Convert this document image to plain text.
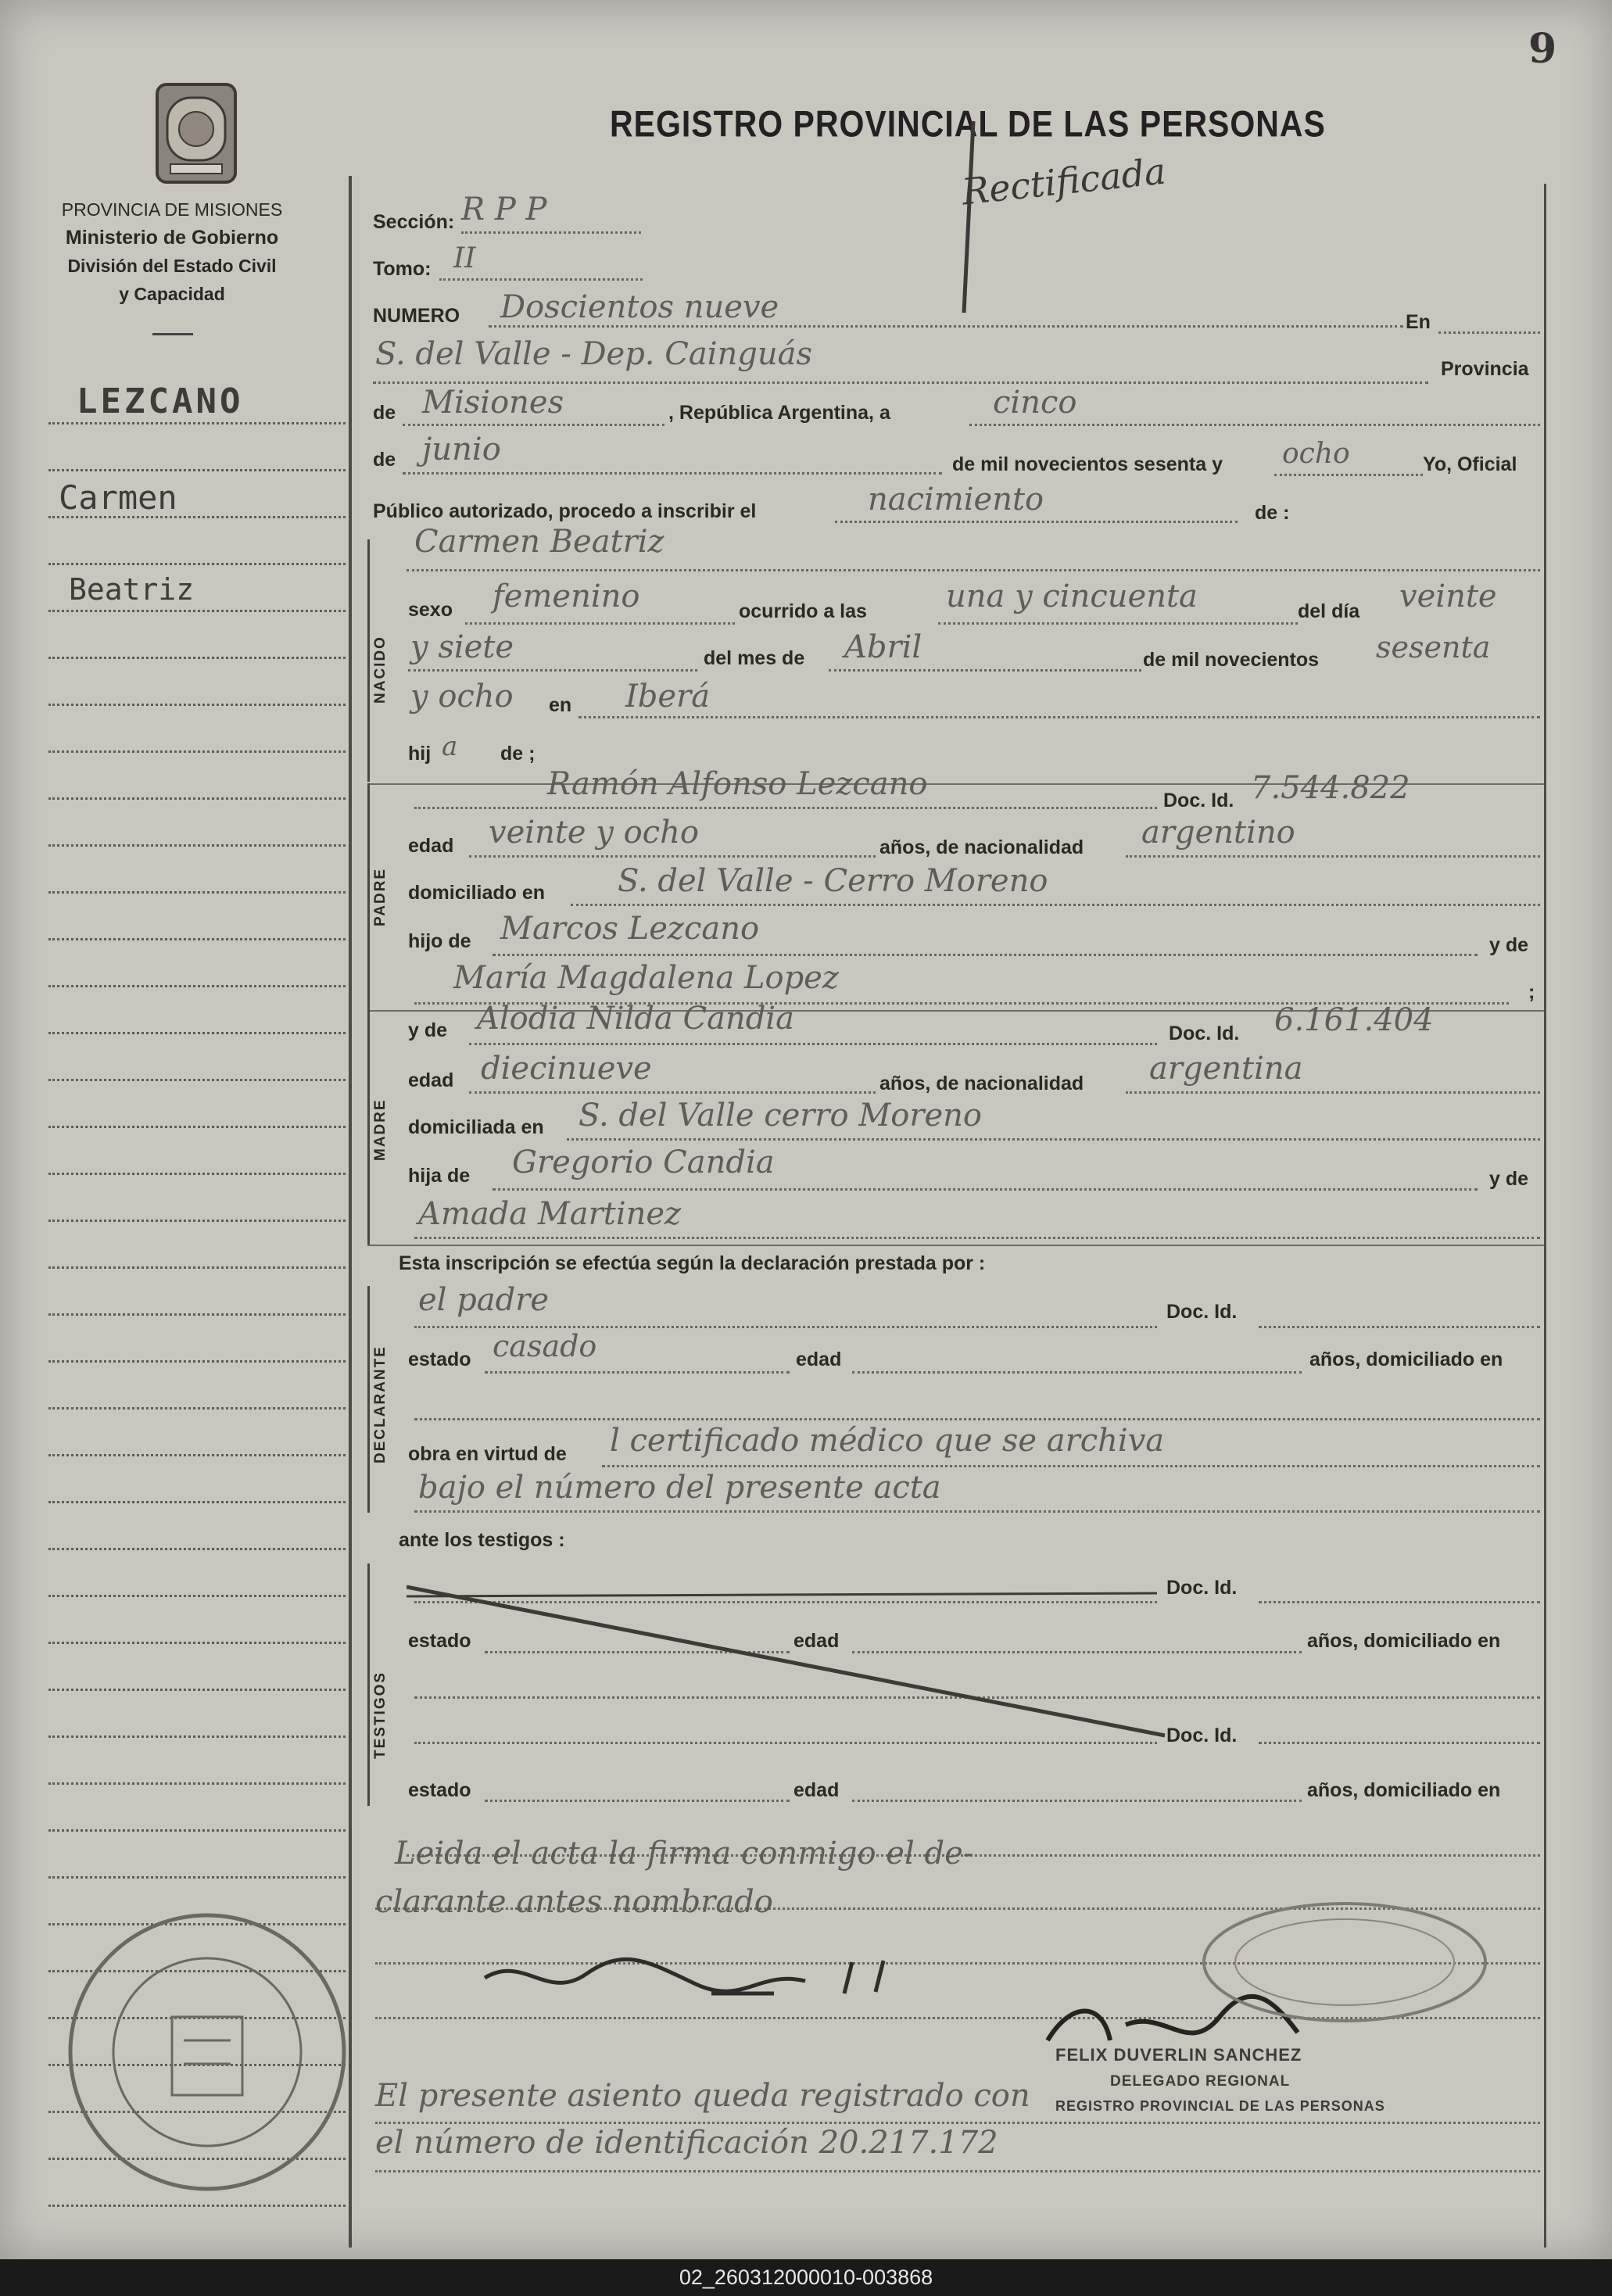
9
REGISTRO PROVINCIAL DE LAS PERSONAS
PROVINCIA DE MISIONES
Ministerio de Gobierno
División del Estado Civil
y Capacidad
Rectificada
LEZCANO
Carmen
Beatriz
Sección: R P P
Tomo: II
NUMERO Doscientos nueve	En
S. del Valle - Dep. Cainguás	Provincia
de Misiones	, República Argentina, a	cinco
de junio	de mil novecientos sesenta y ocho	Yo, Oficial
Público autorizado, procedo a inscribir el	nacimiento	de :
NACIDO
Carmen Beatriz
sexo femenino	ocurrido a las	una y cincuenta	del día veinte
y siete	del mes de Abril	de mil novecientos sesenta
y ocho en Iberá
hij a de ;
PADRE
Ramón Alfonso Lezcano	Doc. Id. 7.544.822
edad veinte y ocho	años, de nacionalidad argentino
domiciliado en S. del Valle - Cerro Moreno
hijo de Marcos Lezcano	y de
María Magdalena Lopez	;
MADRE
y de Alodia Nilda Candia	Doc. Id. 6.161.404
edad diecinueve	años, de nacionalidad argentina
domiciliada en S. del Valle cerro Moreno
hija de Gregorio Candia	y de
Amada Martinez
Esta inscripción se efectúa según la declaración prestada por :
DECLARANTE
el padre	Doc. Id.
estado casado	edad	años, domiciliado en
obra en virtud de l certificado médico que se archiva
bajo el número del presente acta
ante los testigos :
TESTIGOS
Doc. Id.
estado	edad	años, domiciliado en
Doc. Id.
estado	edad	años, domiciliado en
Leida el acta la firma conmigo el de-
clarante antes nombrado
FELIX DUVERLIN SANCHEZ
DELEGADO REGIONAL
REGISTRO PROVINCIAL DE LAS PERSONAS
El presente asiento queda registrado con
el número de identificación 20.217.172
02_260312000010-003868
